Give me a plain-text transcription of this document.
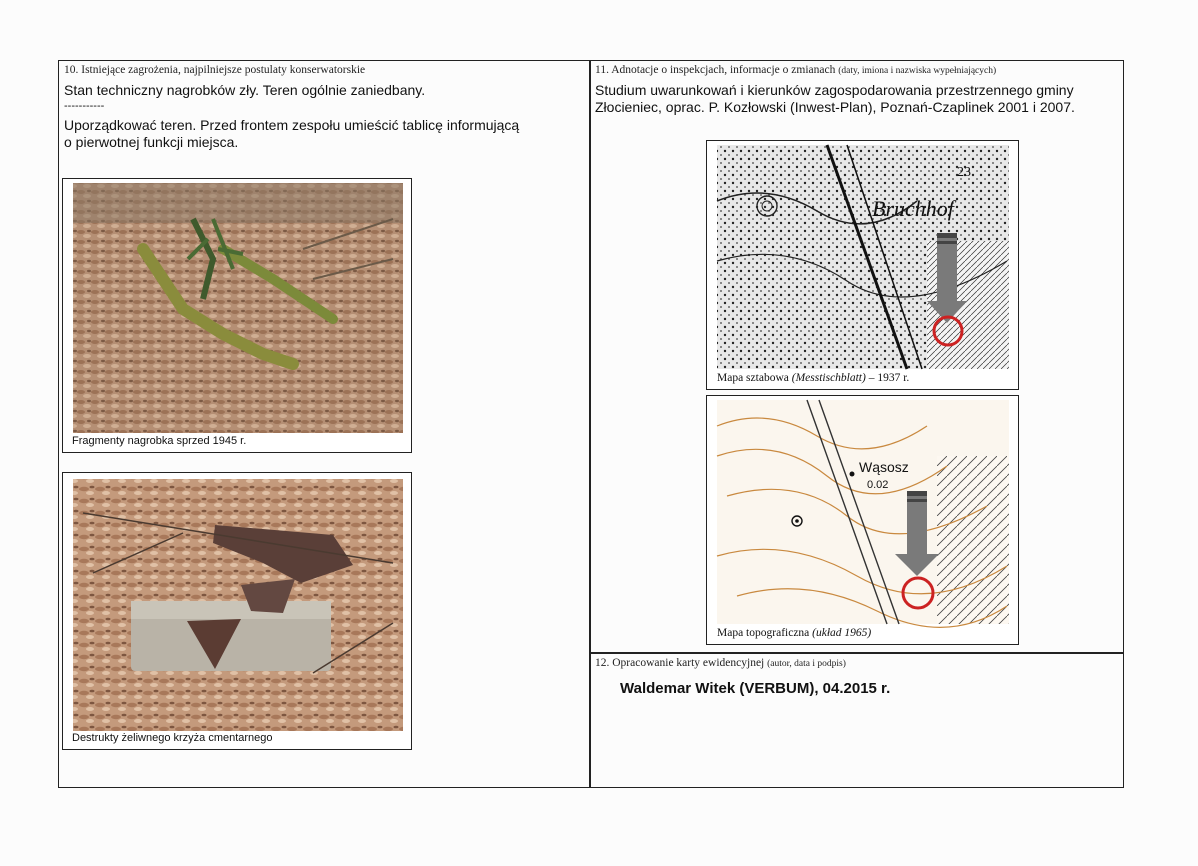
10. Istniejące zagrożenia, najpilniejsze postulaty konserwatorskie
Stan techniczny nagrobków zły. Teren ogólnie zaniedbany.
-----------
Uporządkować teren. Przed frontem zespołu umieścić tablicę informującą
o pierwotnej funkcji miejsca.
Fragmenty nagrobka sprzed 1945 r.
Destrukty żeliwnego krzyża cmentarnego
11. Adnotacje o inspekcjach, informacje o zmianach (daty, imiona i nazwiska wypełniających)
Studium uwarunkowań i kierunków zagospodarowania przestrzennego gminy
Złocieniec, oprac. P. Kozłowski (Inwest-Plan), Poznań-Czaplinek 2001 i 2007.
Bruchhof
23
Mapa sztabowa (Messtischblatt) – 1937 r.
Wąsosz
0.02
Mapa topograficzna (układ 1965)
12. Opracowanie karty ewidencyjnej (autor, data i podpis)
Waldemar Witek (VERBUM), 04.2015 r.
